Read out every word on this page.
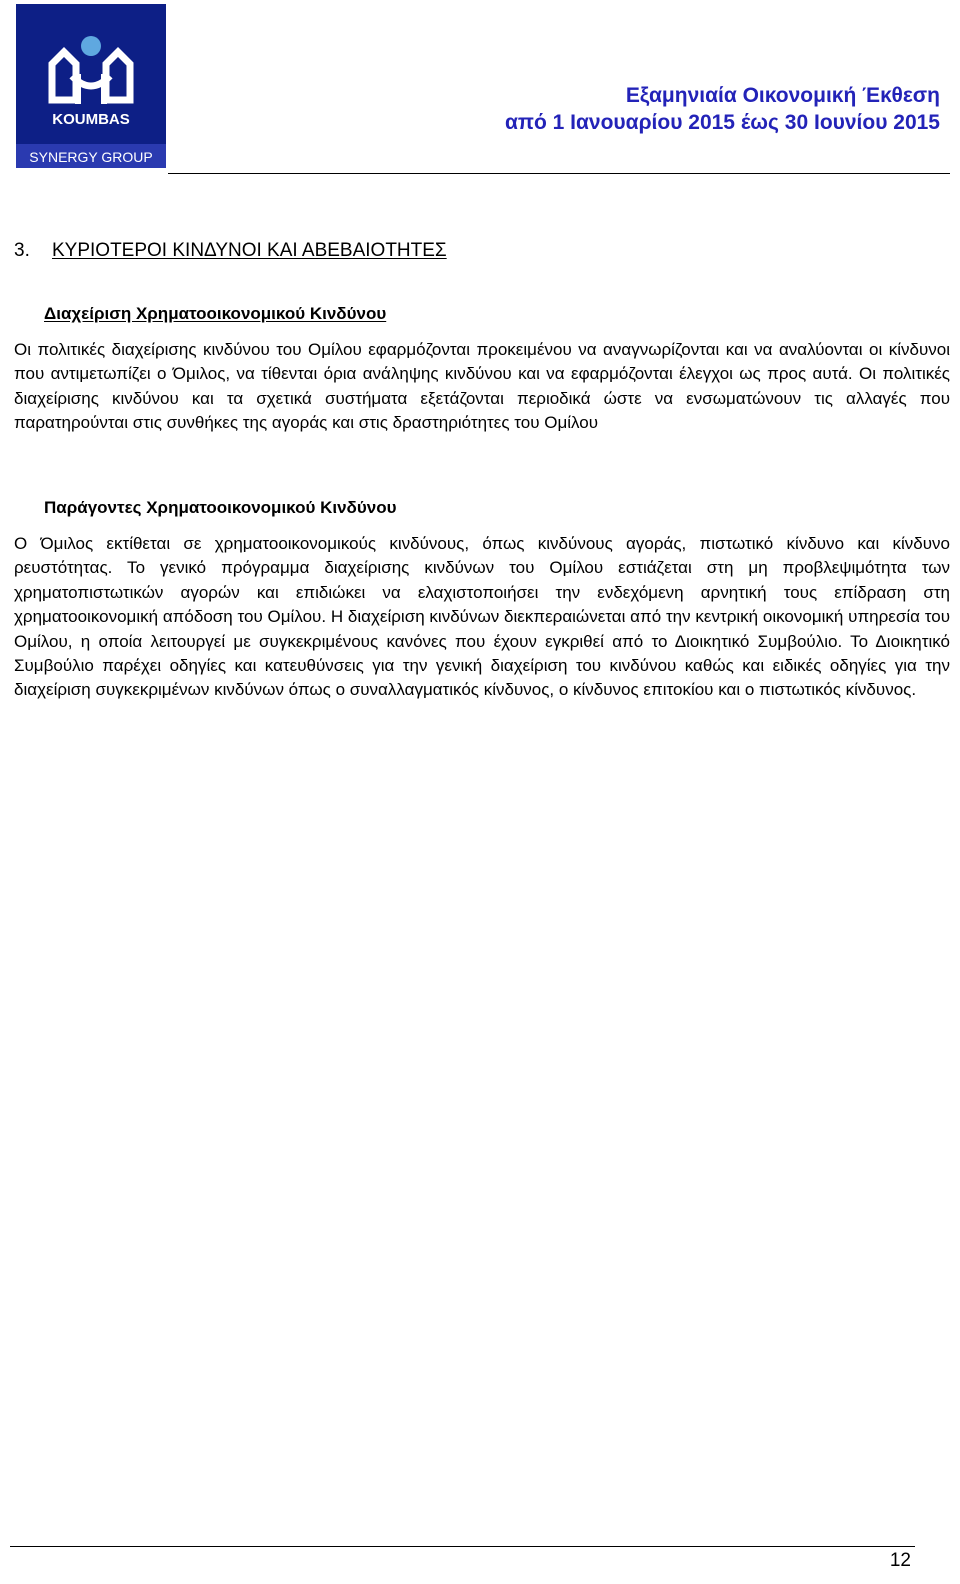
KOUMBAS
SYNERGY GROUP
Εξαμηνιαία Οικονομική Έκθεση
από 1 Ιανουαρίου 2015 έως 30 Ιουνίου 2015
3. ΚΥΡΙΟΤΕΡΟΙ ΚΙΝΔΥΝΟΙ ΚΑΙ ΑΒΕΒΑΙΟΤΗΤΕΣ
Διαχείριση Χρηματοοικονομικού Κινδύνου

Οι πολιτικές διαχείρισης κινδύνου του Ομίλου εφαρμόζονται προκειμένου να αναγνωρίζονται και να αναλύονται οι κίνδυνοι που αντιμετωπίζει ο Όμιλος, να τίθενται όρια ανάληψης κινδύνου και να εφαρμόζονται έλεγχοι ως προς αυτά. Οι πολιτικές διαχείρισης κινδύνου και τα σχετικά συστήματα εξετάζονται περιοδικά ώστε να ενσωματώνουν τις αλλαγές που παρατηρούνται στις συνθήκες της αγοράς και στις δραστηριότητες του Ομίλου

Παράγοντες Χρηματοοικονομικού Κινδύνου

Ο Όμιλος εκτίθεται σε χρηματοοικονομικούς κινδύνους, όπως κινδύνους αγοράς, πιστωτικό κίνδυνο και κίνδυνο ρευστότητας. Το γενικό πρόγραμμα διαχείρισης κινδύνων του Ομίλου εστιάζεται στη μη προβλεψιμότητα των χρηματοπιστωτικών αγορών και επιδιώκει να ελαχιστοποιήσει την ενδεχόμενη αρνητική τους επίδραση στη χρηματοοικονομική απόδοση του Ομίλου. Η διαχείριση κινδύνων διεκπεραιώνεται από την κεντρική οικονομική υπηρεσία του Ομίλου, η οποία λειτουργεί με συγκεκριμένους κανόνες που έχουν εγκριθεί από το Διοικητικό Συμβούλιο. Το Διοικητικό Συμβούλιο παρέχει οδηγίες και κατευθύνσεις για την γενική διαχείριση του κινδύνου καθώς και ειδικές οδηγίες για την διαχείριση συγκεκριμένων κινδύνων όπως ο συναλλαγματικός κίνδυνος, ο κίνδυνος επιτοκίου και ο πιστωτικός κίνδυνος.

12
